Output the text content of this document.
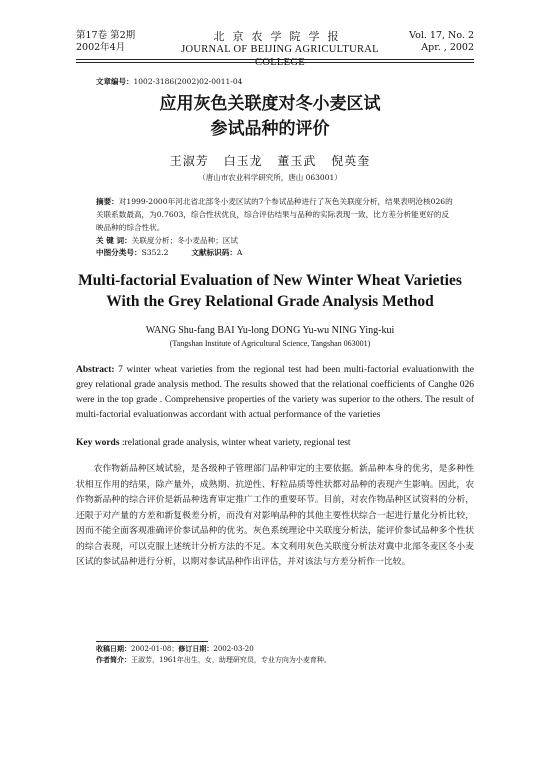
第17卷 第2期
2002年4月
北京农学院学报
JOURNAL OF BEIJING AGRICULTURAL COLLEGE
Vol. 17, No. 2
Apr. , 2002
文章编号：1002-3186(2002)02-0011-04
应用灰色关联度对冬小麦区试
参试品种的评价
王淑芳 白玉龙 董玉武 倪英奎
（唐山市农业科学研究所，唐山 063001）
摘要：对1999-2000年河北省北部冬小麦区试的7个参试品种进行了灰色关联度分析，结果表明沧核026的关联系数最高，为0.7603，综合性状优良，综合评估结果与品种的实际表现一致，比方差分析能更好的反映品种的综合性状。
关 键 词：关联度分析；冬小麦品种；区试
中图分类号：S352.2	文献标识码：A
Multi-factorial Evaluation of New Winter Wheat Varieties
With the Grey Relational Grade Analysis Method
WANG Shu-fang BAI Yu-long DONG Yu-wu NING Ying-kui
(Tangshan Institute of Agricultural Science, Tangshan 063001)
Abstract: 7 winter wheat varieties from the regional test had been multi-factorial evaluationwith the grey relational grade analysis method. The results showed that the relational coefficients of Canghe 026 were in the top grade . Comprehensive properties of the variety was superior to the others. The result of multi-factorial evaluationwas accordant with actual performance of the varieties
Key words :relational grade analysis, winter wheat variety, regional test
农作物新品种区域试验，是各级种子管理部门品种审定的主要依据。新品种本身的优劣，是多种性状相互作用的结果，除产量外，成熟期、抗逆性、籽粒品质等性状都对品种的表现产生影响。因此，农作物新品种的综合评价是新品种选育审定推广工作的重要环节。目前，对农作物品种区试资料的分析，还限于对产量的方差和新复极差分析，而没有对影响品种的其他主要性状综合一起进行量化分析比较，因而不能全面客观准确评价参试品种的优劣。灰色系统理论中关联度分析法，能评价参试品种多个性状的综合表现，可以克服上述统计分析方法的不足。本文利用灰色关联度分析法对冀中北部冬麦区冬小麦区试的参试品种进行分析，以期对参试品种作出评估，并对该法与方差分析作一比较。
收稿日期：2002-01-08；修订日期：2002-03-20
作者简介：王淑芳，1961年出生，女，助理研究员，专业方向为小麦育种。
